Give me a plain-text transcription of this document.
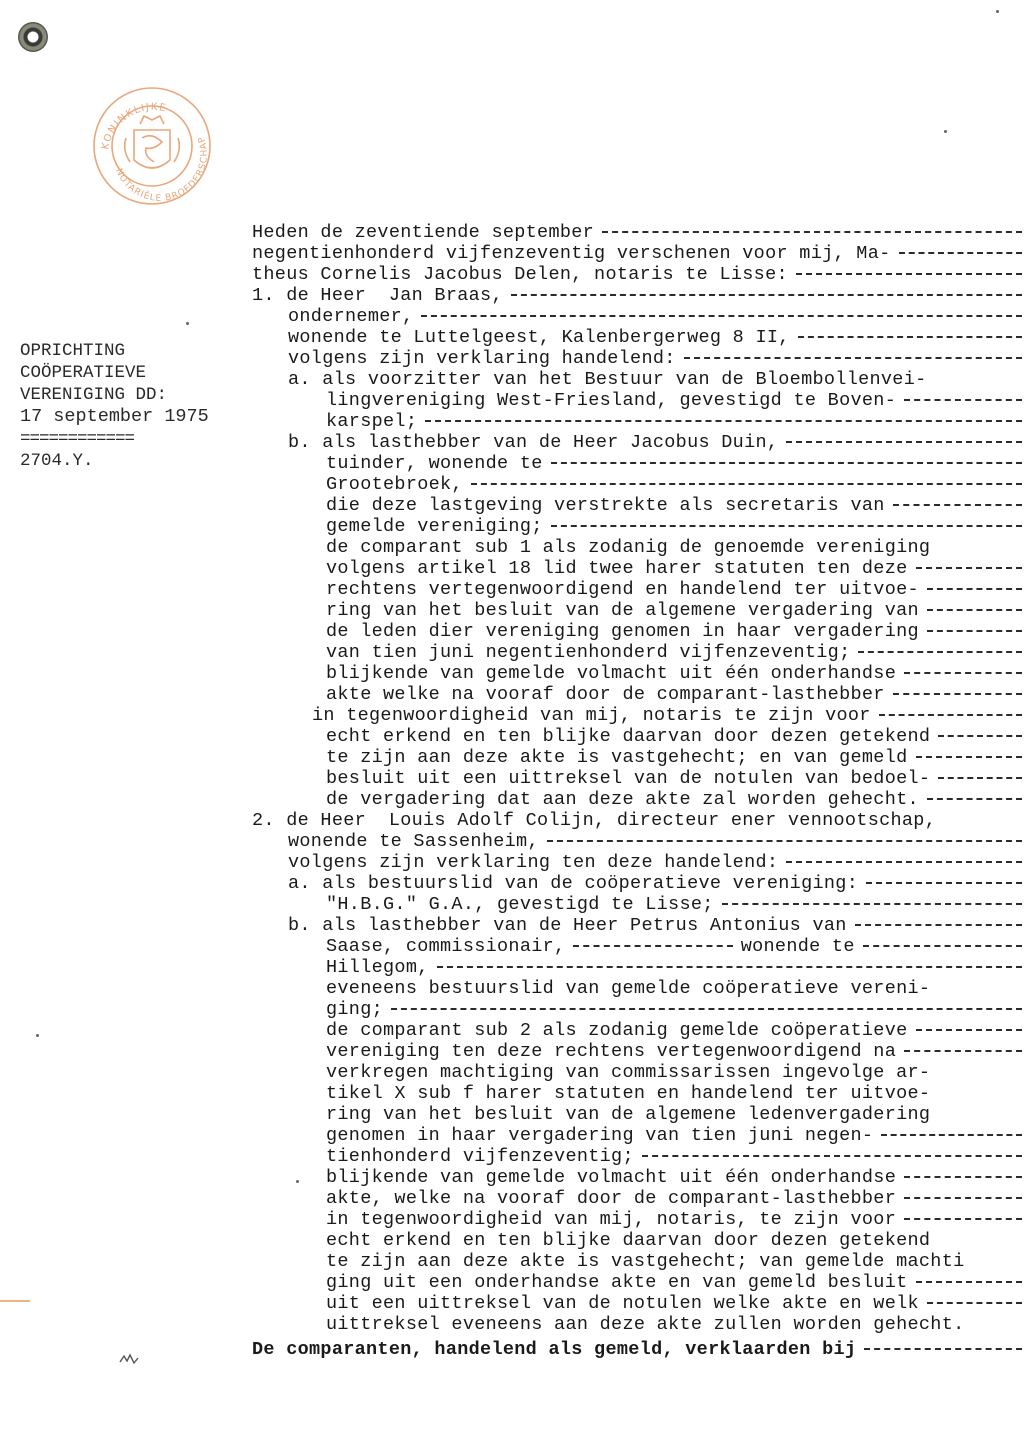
KONINKLIJKE
NOTARIËLE BROEDERSCHAP
OPRICHTING
COÖPERATIEVE
VERENIGING DD:
17 september 1975
============
2704.Y.
Heden de zeventiende september
negentienhonderd vijfenzeventig verschenen voor mij, Ma-
theus Cornelis Jacobus Delen, notaris te Lisse:
1. de Heer  Jan Braas,
ondernemer,
wonende te Luttelgeest, Kalenbergerweg 8 II,
volgens zijn verklaring handelend:
a. als voorzitter van het Bestuur van de Bloembollenvei-
lingvereniging West-Friesland, gevestigd te Boven-
karspel;
b. als lasthebber van de Heer Jacobus Duin,
tuinder, wonende te
Grootebroek,
die deze lastgeving verstrekte als secretaris van
gemelde vereniging;
de comparant sub 1 als zodanig de genoemde vereniging
volgens artikel 18 lid twee harer statuten ten deze
rechtens vertegenwoordigend en handelend ter uitvoe-
ring van het besluit van de algemene vergadering van
de leden dier vereniging genomen in haar vergadering
van tien juni negentienhonderd vijfenzeventig;
blijkende van gemelde volmacht uit één onderhandse
akte welke na vooraf door de comparant-lasthebber
in tegenwoordigheid van mij, notaris te zijn voor
echt erkend en ten blijke daarvan door dezen getekend
te zijn aan deze akte is vastgehecht; en van gemeld
besluit uit een uittreksel van de notulen van bedoel-
de vergadering dat aan deze akte zal worden gehecht.
2. de Heer  Louis Adolf Colijn, directeur ener vennootschap,
wonende te Sassenheim,
volgens zijn verklaring ten deze handelend:
a. als bestuurslid van de coöperatieve vereniging:
"H.B.G." G.A., gevestigd te Lisse;
b. als lasthebber van de Heer Petrus Antonius van
Saase, commissionair,	wonende te
Hillegom,
eveneens bestuurslid van gemelde coöperatieve vereni-
ging;
de comparant sub 2 als zodanig gemelde coöperatieve
vereniging ten deze rechtens vertegenwoordigend na
verkregen machtiging van commissarissen ingevolge ar-
tikel X sub f harer statuten en handelend ter uitvoe-
ring van het besluit van de algemene ledenvergadering
genomen in haar vergadering van tien juni negen-
tienhonderd vijfenzeventig;
blijkende van gemelde volmacht uit één onderhandse
akte, welke na vooraf door de comparant-lasthebber
in tegenwoordigheid van mij, notaris, te zijn voor
echt erkend en ten blijke daarvan door dezen getekend
te zijn aan deze akte is vastgehecht; van gemelde machti
ging uit een onderhandse akte en van gemeld besluit
uit een uittreksel van de notulen welke akte en welk
uittreksel eveneens aan deze akte zullen worden gehecht.
De comparanten, handelend als gemeld, verklaarden bij
